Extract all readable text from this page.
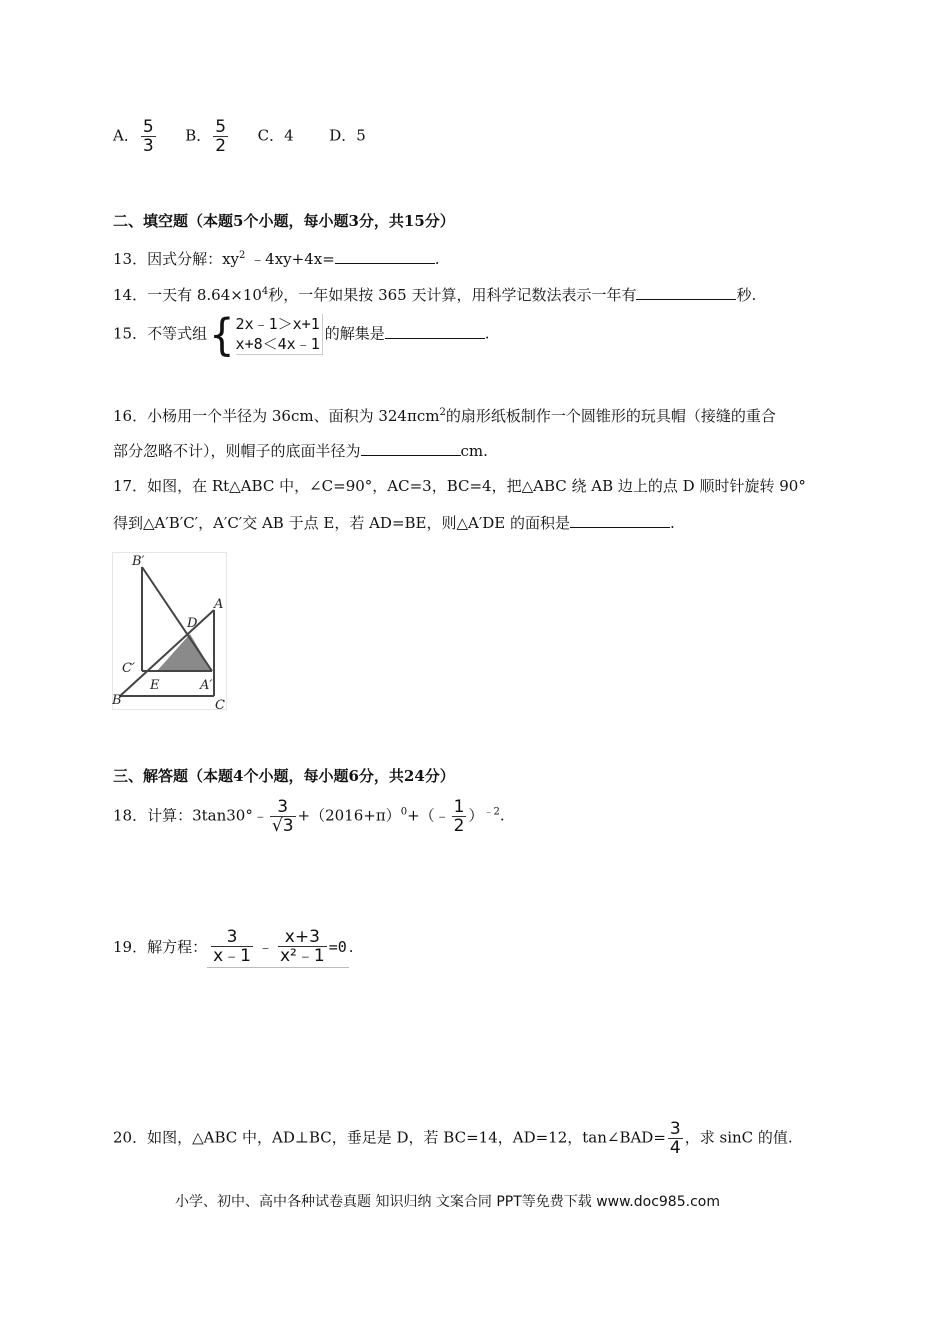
A． $\frac{5}{3}$ B． $\frac{5}{2}$ C．4 D．5
二、填空题（本题5个小题，每小题3分，共15分）
13．因式分解：$xy^2$ ﹣4xy+4x=	.
14．一天有 $8.64\times 10^4$秒，一年如果按 365 天计算，用科学记数法表示一年有	秒.
15．不等式组 { 2x﹣1＞x+1
x+8＜4x﹣1
的解集是	.
16．小杨用一个半径为 36cm、面积为 324πcm$^2$的扇形纸板制作一个圆锥形的玩具帽（接缝的重合
部分忽略不计），则帽子的底面半径为	cm.
17．如图，在 Rt△ABC 中，∠C=90°，AC=3，BC=4，把△ABC 绕 AB 边上的点 D 顺时针旋转 90°
得到△A′B′C′，A′C′交 AB 于点 E，若 AD=BE，则△A′DE 的面积是	.
B′
A
D
C′
E	A′
B	C
三、解答题（本题4个小题，每小题6分，共24分）
18．计算：3tan30°﹣ $\frac{3}{√3}$ $+(2016+\pi)^0+(﹣ \frac{1}{2} )^{﹣2}$.
19．解方程： $\frac{3}{x﹣1}$ ﹣ $\frac{x+3}{\text{x²﹣1}} =0$ .
20．如图，△ABC 中，AD⊥BC，垂足是 D，若 BC=14，AD=12，tan∠BAD= $\frac{3}{4}$ ，求 sinC 的值.
小学、初中、高中各种试卷真题 知识归纳 文案合同 PPT等免费下载 www.doc985.com
